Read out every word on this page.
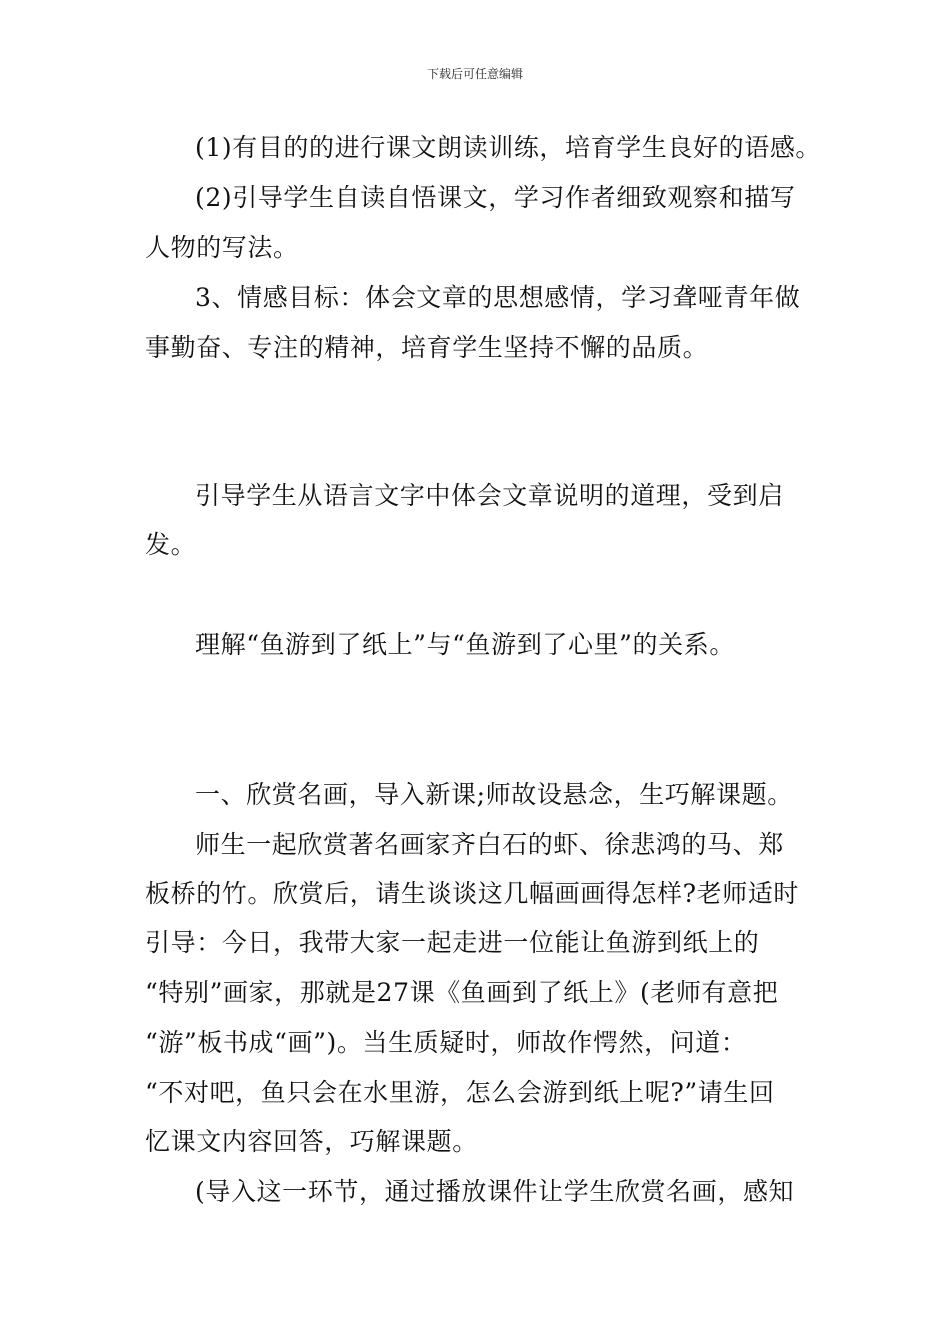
下载后可任意编辑
(1)有目的的进行课文朗读训练，培育学生良好的语感。
(2)引导学生自读自悟课文，学习作者细致观察和描写
人物的写法。
3、情感目标：体会文章的思想感情，学习聋哑青年做
事勤奋、专注的精神，培育学生坚持不懈的品质。
引导学生从语言文字中体会文章说明的道理，受到启
发。
理解“鱼游到了纸上”与“鱼游到了心里”的关系。
一、欣赏名画，导入新课;师故设悬念，生巧解课题。
师生一起欣赏著名画家齐白石的虾、徐悲鸿的马、郑
板桥的竹。欣赏后，请生谈谈这几幅画画得怎样?老师适时
引导：今日，我带大家一起走进一位能让鱼游到纸上的
“特别”画家，那就是27课《鱼画到了纸上》(老师有意把
“游”板书成“画”)。当生质疑时，师故作愕然，问道：
“不对吧，鱼只会在水里游，怎么会游到纸上呢?”请生回
忆课文内容回答，巧解课题。
(导入这一环节，通过播放课件让学生欣赏名画，感知
